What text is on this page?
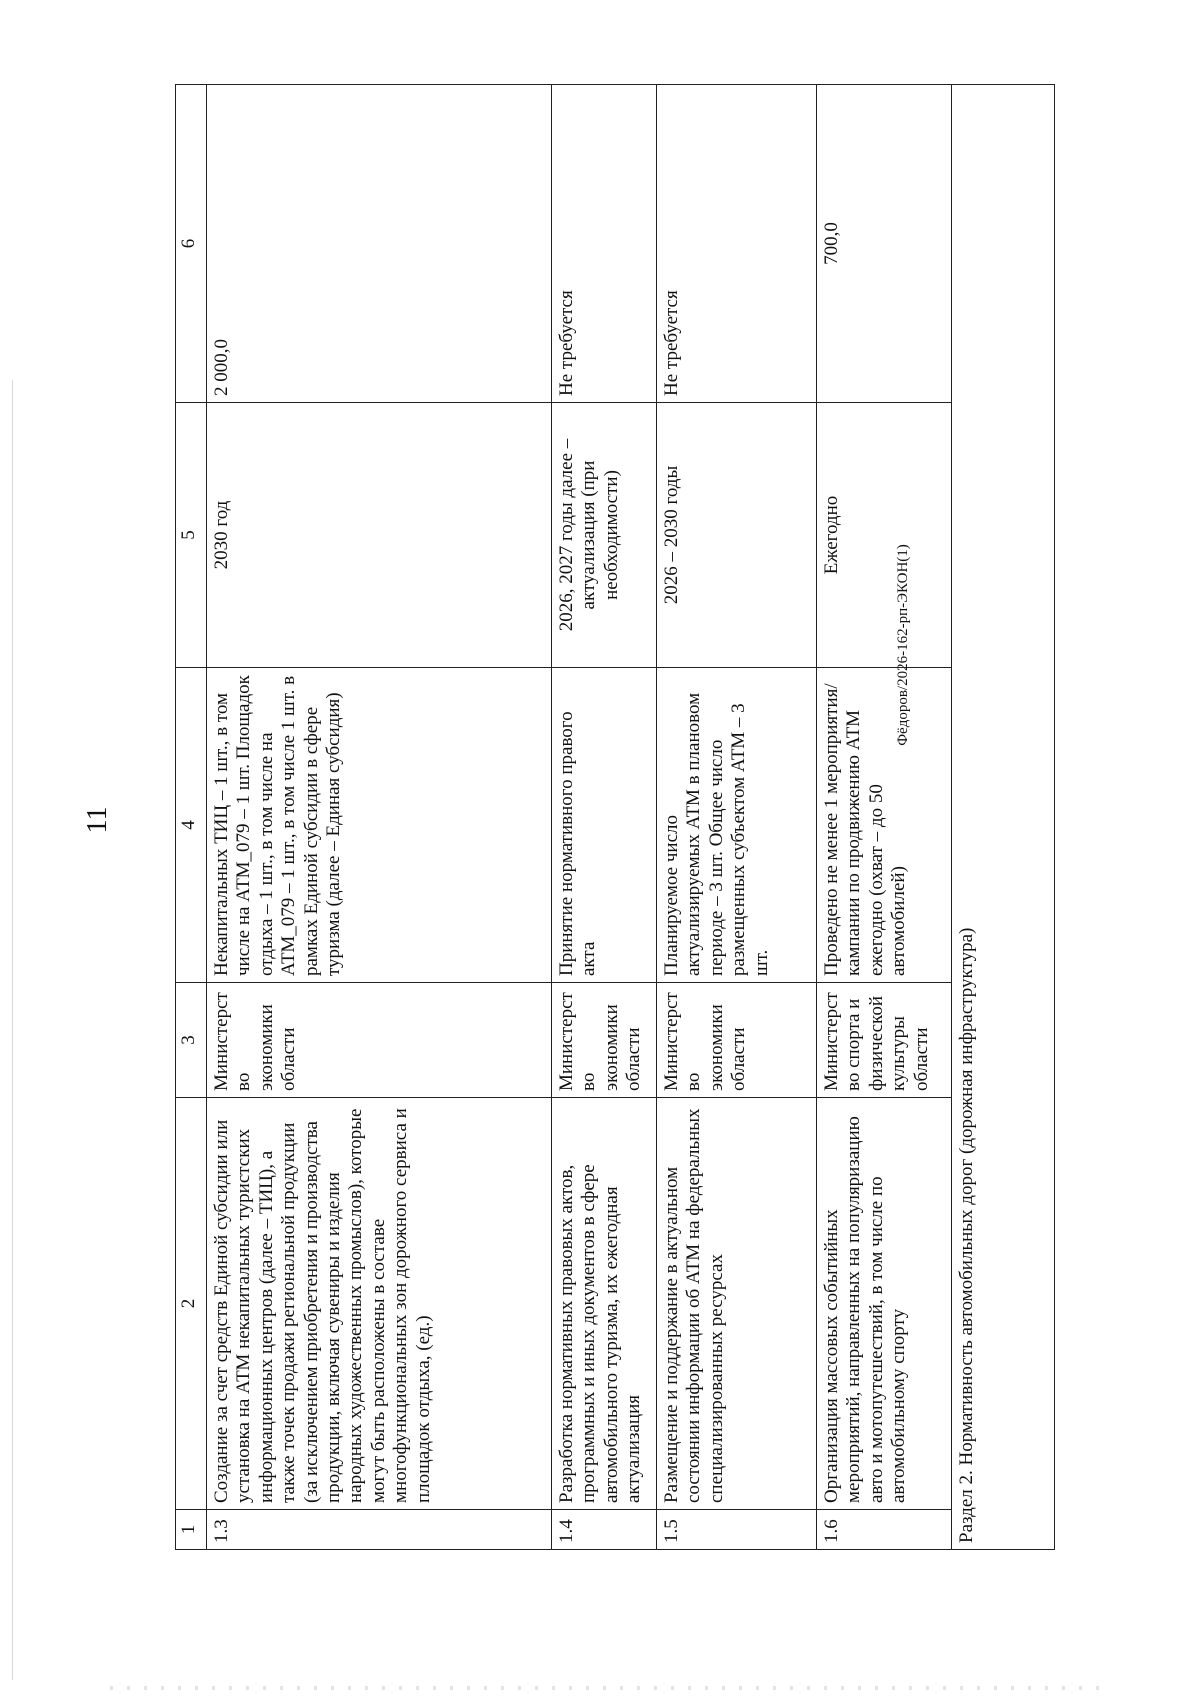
11
Фёдоров/2026-162-рп-ЭКОН(1)
1	2	3	4	5	6
1.3	Создание за счет средств Единой субсидии или установка на АТМ некапитальных туристских информационных центров (далее – ТИЦ), а также точек продажи региональной продукции (за исключением приобретения и производства продукции, включая сувениры и изделия народных художественных промыслов), которые могут быть расположены в составе многофункциональных зон дорожного сервиса и площадок отдыха, (ед.)	Министерство экономики области	Некапитальных ТИЦ – 1 шт., в том числе на АТМ_079 – 1 шт. Площадок отдыха – 1 шт., в том числе на АТМ_079 – 1 шт., в том числе 1 шт. в рамках Единой субсидии в сфере туризма (далее – Единая субсидия)	2030 год	2 000,0
1.4	Разработка нормативных правовых актов, программных и иных документов в сфере автомобильного туризма, их ежегодная актуализация	Министерство экономики области	Принятие нормативного правого акта	2026, 2027 годы далее – актуализация (при необходимости)	Не требуется
1.5	Размещение и поддержание в актуальном состоянии информации об АТМ на федеральных специализированных ресурсах	Министерство экономики области	Планируемое число актуализируемых АТМ в плановом периоде – 3 шт. Общее число размещенных субъектом АТМ – 3 шт.	2026 – 2030 годы	Не требуется
1.6	Организация массовых событийных мероприятий, направленных на популяризацию авто и мотопутешествий, в том числе по автомобильному спорту	Министерство спорта и физической культуры области	Проведено не менее 1 мероприятия/кампании по продвижению АТМ ежегодно (охват – до 50 автомобилей)	Ежегодно	700,0
Раздел 2. Нормативность автомобильных дорог (дорожная инфраструктура)					
